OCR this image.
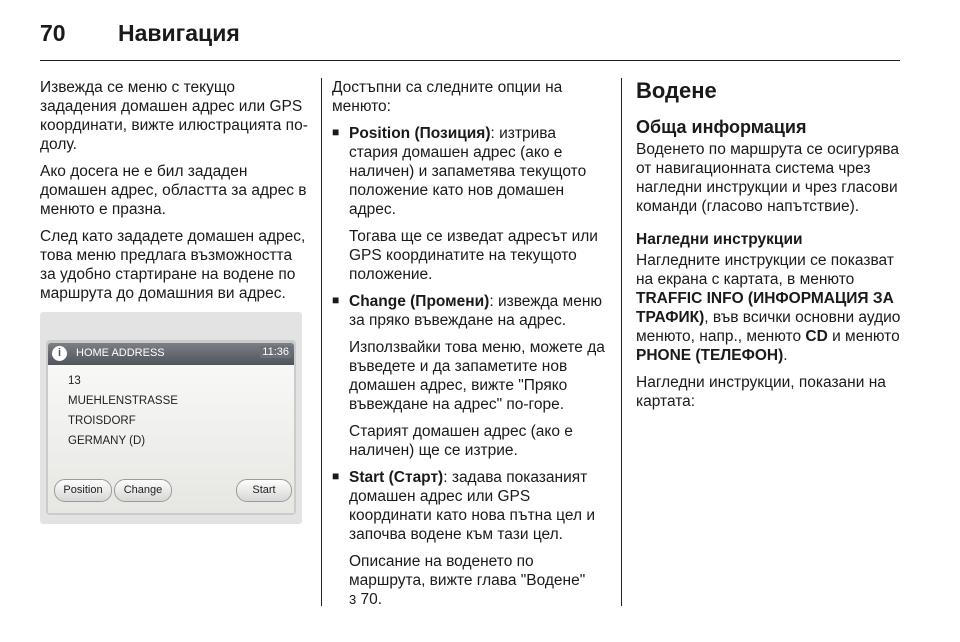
70	Навигация

Извежда се меню с текущо зададения домашен адрес или GPS координати, вижте илюстрацията по-долу.

Ако досега не е бил зададен домашен адрес, областта за адрес в менюто е празна.

След като зададете домашен адрес, това меню предлага възможността за удобно стартиране на водене по маршрута до домашния ви адрес.

i	HOME ADDRESS	11:36
13
MUEHLENSTRASSE
TROISDORF
GERMANY (D)
Position	Change	Start

Достъпни са следните опции на менюто:

■ Position (Позиция): изтрива стария домашен адрес (ако е наличен) и запаметява текущото положение като нов домашен адрес.

Тогава ще се изведат адресът или GPS координатите на текущото положение.

■ Change (Промени): извежда меню за пряко въвеждане на адрес.

Използвайки това меню, можете да въведете и да запаметите нов домашен адрес, вижте "Пряко въвеждане на адрес" по-горе.

Старият домашен адрес (ако е наличен) ще се изтрие.

■ Start (Старт): задава показаният домашен адрес или GPS координати като нова пътна цел и започва водене към тази цел.

Описание на воденето по маршрута, вижте глава "Водене"
3 70.

Водене
Обща информация

Воденето по маршрута се осигурява от навигационната система чрез нагледни инструкции и чрез гласови команди (гласово напътствие).

Нагледни инструкции

Нагледните инструкции се показват на екрана с картата, в менюто TRAFFIC INFO (ИНФОРМАЦИЯ ЗА ТРАФИК), във всички основни аудио менюто, напр., менюто CD и менюто PHONE (ТЕЛЕФОН).

Нагледни инструкции, показани на картата:
